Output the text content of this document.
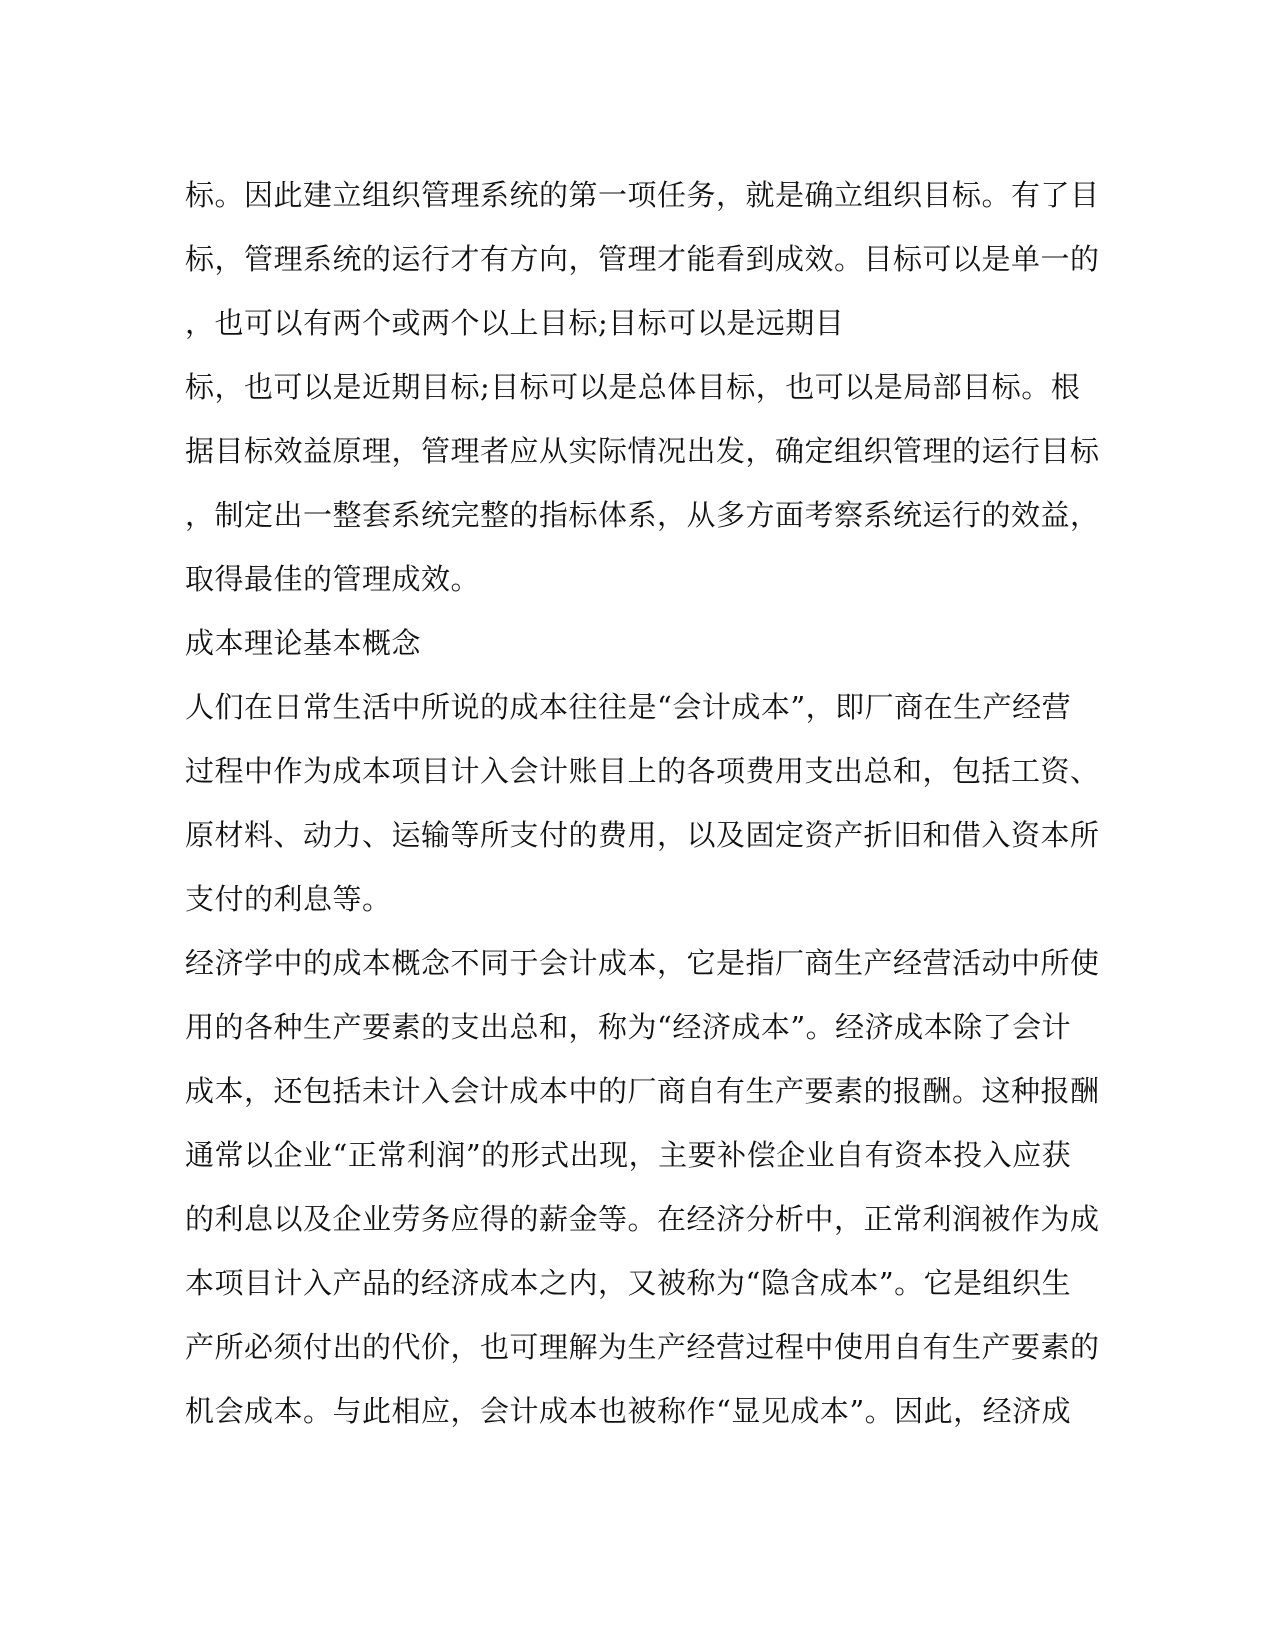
标。因此建立组织管理系统的第一项任务，就是确立组织目标。有了目
标，管理系统的运行才有方向，管理才能看到成效。目标可以是单一的
，也可以有两个或两个以上目标;目标可以是远期目
标，也可以是近期目标;目标可以是总体目标，也可以是局部目标。根
据目标效益原理，管理者应从实际情况出发，确定组织管理的运行目标
，制定出一整套系统完整的指标体系，从多方面考察系统运行的效益，
取得最佳的管理成效。
成本理论基本概念
人们在日常生活中所说的成本往往是“会计成本”，即厂商在生产经营
过程中作为成本项目计入会计账目上的各项费用支出总和，包括工资、
原材料、动力、运输等所支付的费用，以及固定资产折旧和借入资本所
支付的利息等。
经济学中的成本概念不同于会计成本，它是指厂商生产经营活动中所使
用的各种生产要素的支出总和，称为“经济成本”。经济成本除了会计
成本，还包括未计入会计成本中的厂商自有生产要素的报酬。这种报酬
通常以企业“正常利润”的形式出现，主要补偿企业自有资本投入应获
的利息以及企业劳务应得的薪金等。在经济分析中，正常利润被作为成
本项目计入产品的经济成本之内，又被称为“隐含成本”。它是组织生
产所必须付出的代价，也可理解为生产经营过程中使用自有生产要素的
机会成本。与此相应，会计成本也被称作“显见成本”。因此，经济成
